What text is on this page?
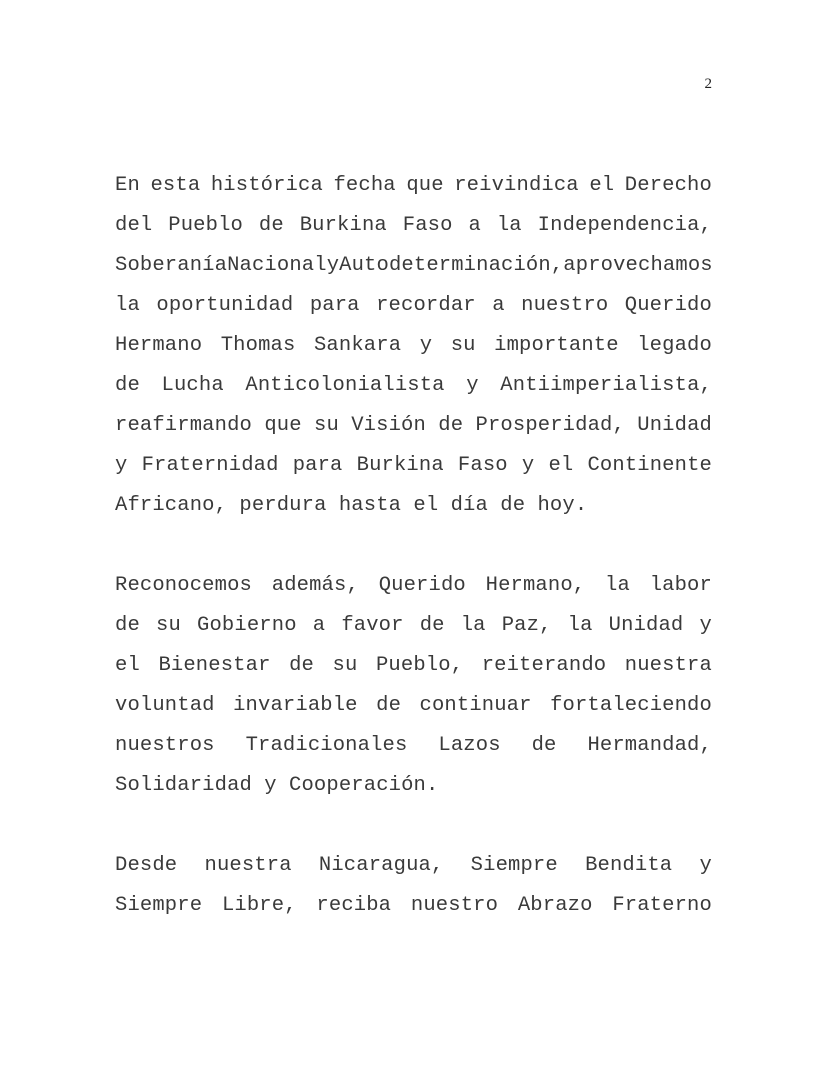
2
En esta histórica fecha que reivindica el Derecho
del Pueblo de Burkina Faso a la Independencia,
Soberanía Nacional y Autodeterminación, aprovechamos
la oportunidad para recordar a nuestro Querido
Hermano Thomas Sankara y su importante legado
de Lucha Anticolonialista y Antiimperialista,
reafirmando que su Visión de Prosperidad, Unidad
y Fraternidad para Burkina Faso y el Continente
Africano, perdura hasta el día de hoy.
Reconocemos además, Querido Hermano, la labor
de su Gobierno a favor de la Paz, la Unidad y
el Bienestar de su Pueblo, reiterando nuestra
voluntad invariable de continuar fortaleciendo
nuestros Tradicionales Lazos de Hermandad,
Solidaridad y Cooperación.
Desde nuestra Nicaragua, Siempre Bendita y
Siempre Libre, reciba nuestro Abrazo Fraterno
